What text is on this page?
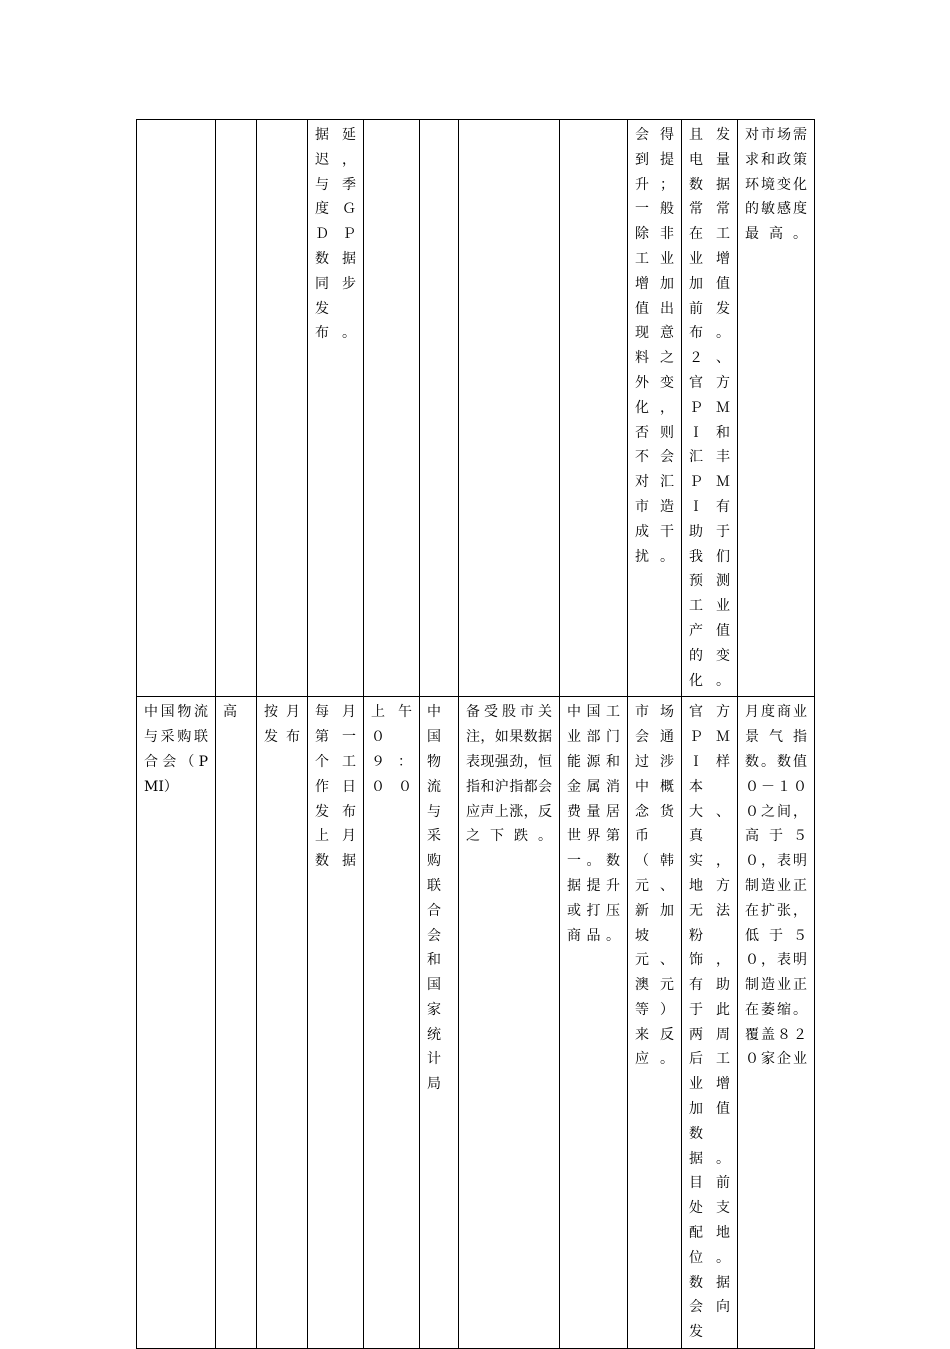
			据延迟，与季度ＧＤＰ数据同步发布。					会得到提升；一般除非工业增加值出现意料之外变化，否则不会对汇市造成干扰。	且发电量数据常常在工业增加值前发布。２、官方ＰＭＩ和汇丰ＰＭＩ有助于我们预测工业产值的变化。	对市场需求和政策环境变化的敏感度最高。
中国物流与采购联合会（PMI）	高	按月发布	每月第一个工作日发布上月数据	上午０９：００	中国物流与采购联合会和国家统计局	备受股市关注，如果数据表现强劲，恒指和沪指都会应声上涨，反之下跌。	中国工业部门能源和金属消费量居世界第一。数据提升或打压商品。	市场会通过涉中概念货币（韩元、新加坡元、澳元等）来反应。	官方ＰＭＩ样本大、真实，地方无法粉饰，有助于此两周后工业增加值数据。目前处支配地位。数据会向发	月度商业景气指数。数值０－１００之间，高于５０，表明制造业正在扩张，低于５０，表明制造业正在萎缩。覆盖８２０家企业
